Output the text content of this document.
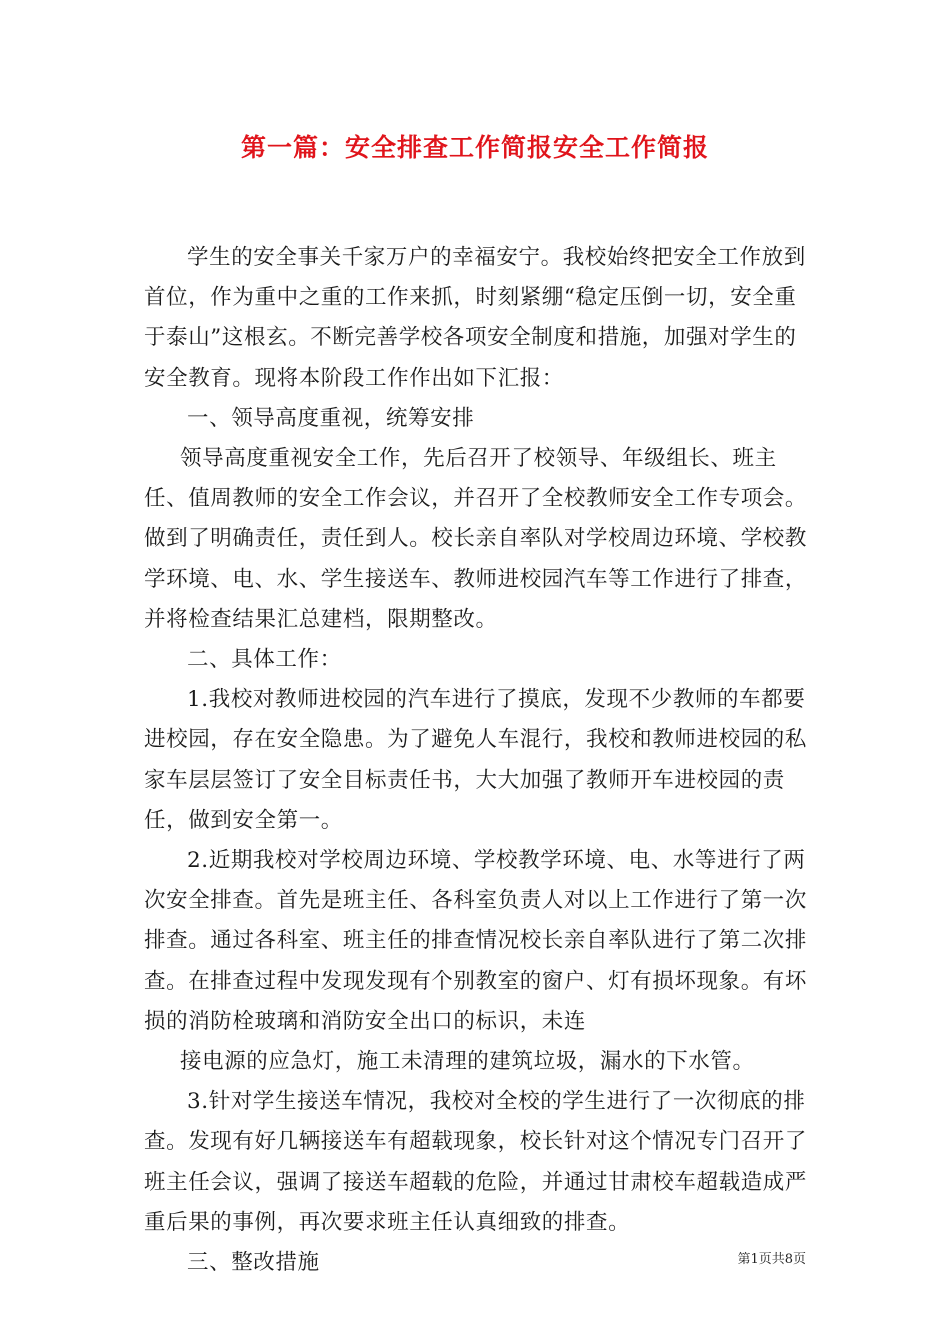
第一篇：安全排查工作简报安全工作简报

学生的安全事关千家万户的幸福安宁。我校始终把安全工作放到首位，作为重中之重的工作来抓，时刻紧绷“稳定压倒一切，安全重于泰山”这根玄。不断完善学校各项安全制度和措施，加强对学生的安全教育。现将本阶段工作作出如下汇报：

一、领导高度重视，统筹安排

领导高度重视安全工作，先后召开了校领导、年级组长、班主任、值周教师的安全工作会议，并召开了全校教师安全工作专项会。做到了明确责任，责任到人。校长亲自率队对学校周边环境、学校教学环境、电、水、学生接送车、教师进校园汽车等工作进行了排查，并将检查结果汇总建档，限期整改。

二、具体工作：

1.我校对教师进校园的汽车进行了摸底，发现不少教师的车都要进校园，存在安全隐患。为了避免人车混行，我校和教师进校园的私家车层层签订了安全目标责任书，大大加强了教师开车进校园的责任，做到安全第一。

2.近期我校对学校周边环境、学校教学环境、电、水等进行了两次安全排查。首先是班主任、各科室负责人对以上工作进行了第一次排查。通过各科室、班主任的排查情况校长亲自率队进行了第二次排查。在排查过程中发现发现有个别教室的窗户、灯有损坏现象。有坏损的消防栓玻璃和消防安全出口的标识，未连

接电源的应急灯，施工未清理的建筑垃圾，漏水的下水管。

3.针对学生接送车情况，我校对全校的学生进行了一次彻底的排查。发现有好几辆接送车有超载现象，校长针对这个情况专门召开了班主任会议，强调了接送车超载的危险，并通过甘肃校车超载造成严重后果的事例，再次要求班主任认真细致的排查。

三、整改措施	第1页共8页
